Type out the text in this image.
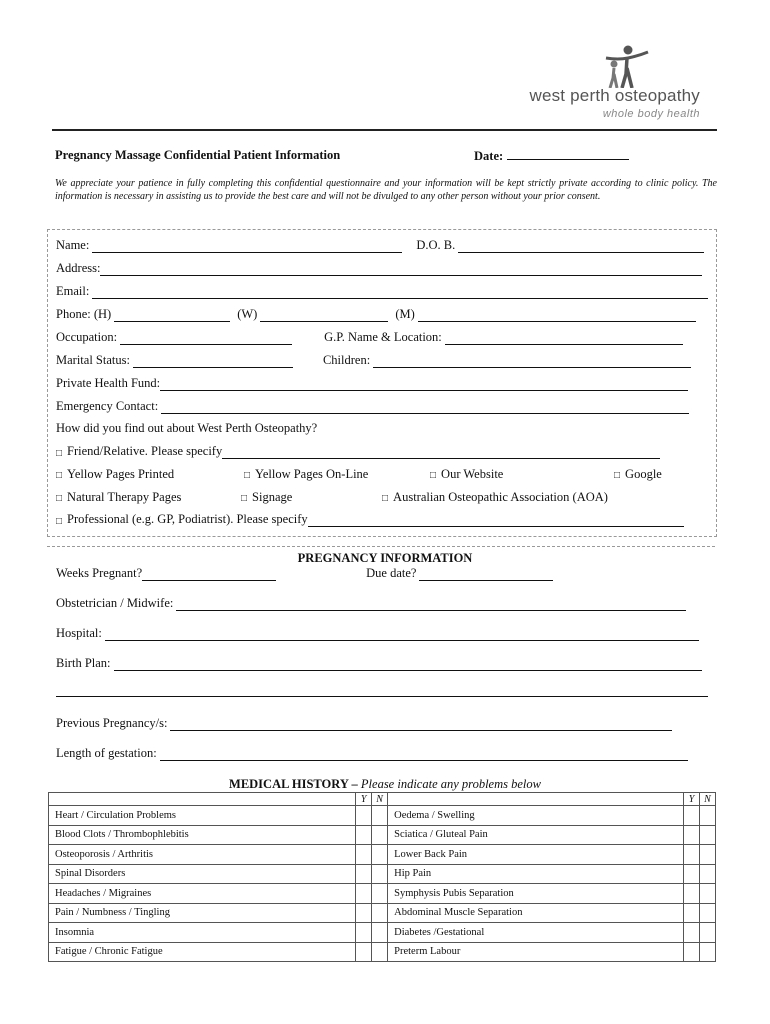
west perth osteopathy
whole body health
Pregnancy Massage Confidential Patient Information	Date:
We appreciate your patience in fully completing this confidential questionnaire and your information will be kept strictly private according to clinic policy. The information is necessary in assisting us to provide the best care and will not be divulged to any other person without your prior consent.
Name:	D.O. B.
Address:
Email:
Phone: (H)	(W)	(M)
Occupation:	G.P. Name & Location:
Marital Status:	Children:
Private Health Fund:
Emergency Contact:
How did you find out about West Perth Osteopathy?
□ Friend/Relative. Please specify
□ Yellow Pages Printed	□ Yellow Pages On-Line	□ Our Website	□ Google
□ Natural Therapy Pages	□ Signage	□ Australian Osteopathic Association (AOA)
□ Professional (e.g. GP, Podiatrist). Please specify
PREGNANCY INFORMATION
Weeks Pregnant?	Due date?
Obstetrician / Midwife:
Hospital:
Birth Plan:
Previous Pregnancy/s:
Length of gestation:
MEDICAL HISTORY – Please indicate any problems below
	Y	N		Y	N
Heart / Circulation Problems			Oedema / Swelling		
Blood Clots / Thrombophlebitis			Sciatica / Gluteal Pain		
Osteoporosis / Arthritis			Lower Back Pain		
Spinal Disorders			Hip Pain		
Headaches / Migraines			Symphysis Pubis Separation		
Pain / Numbness / Tingling			Abdominal Muscle Separation		
Insomnia			Diabetes /Gestational		
Fatigue / Chronic Fatigue			Preterm Labour		
